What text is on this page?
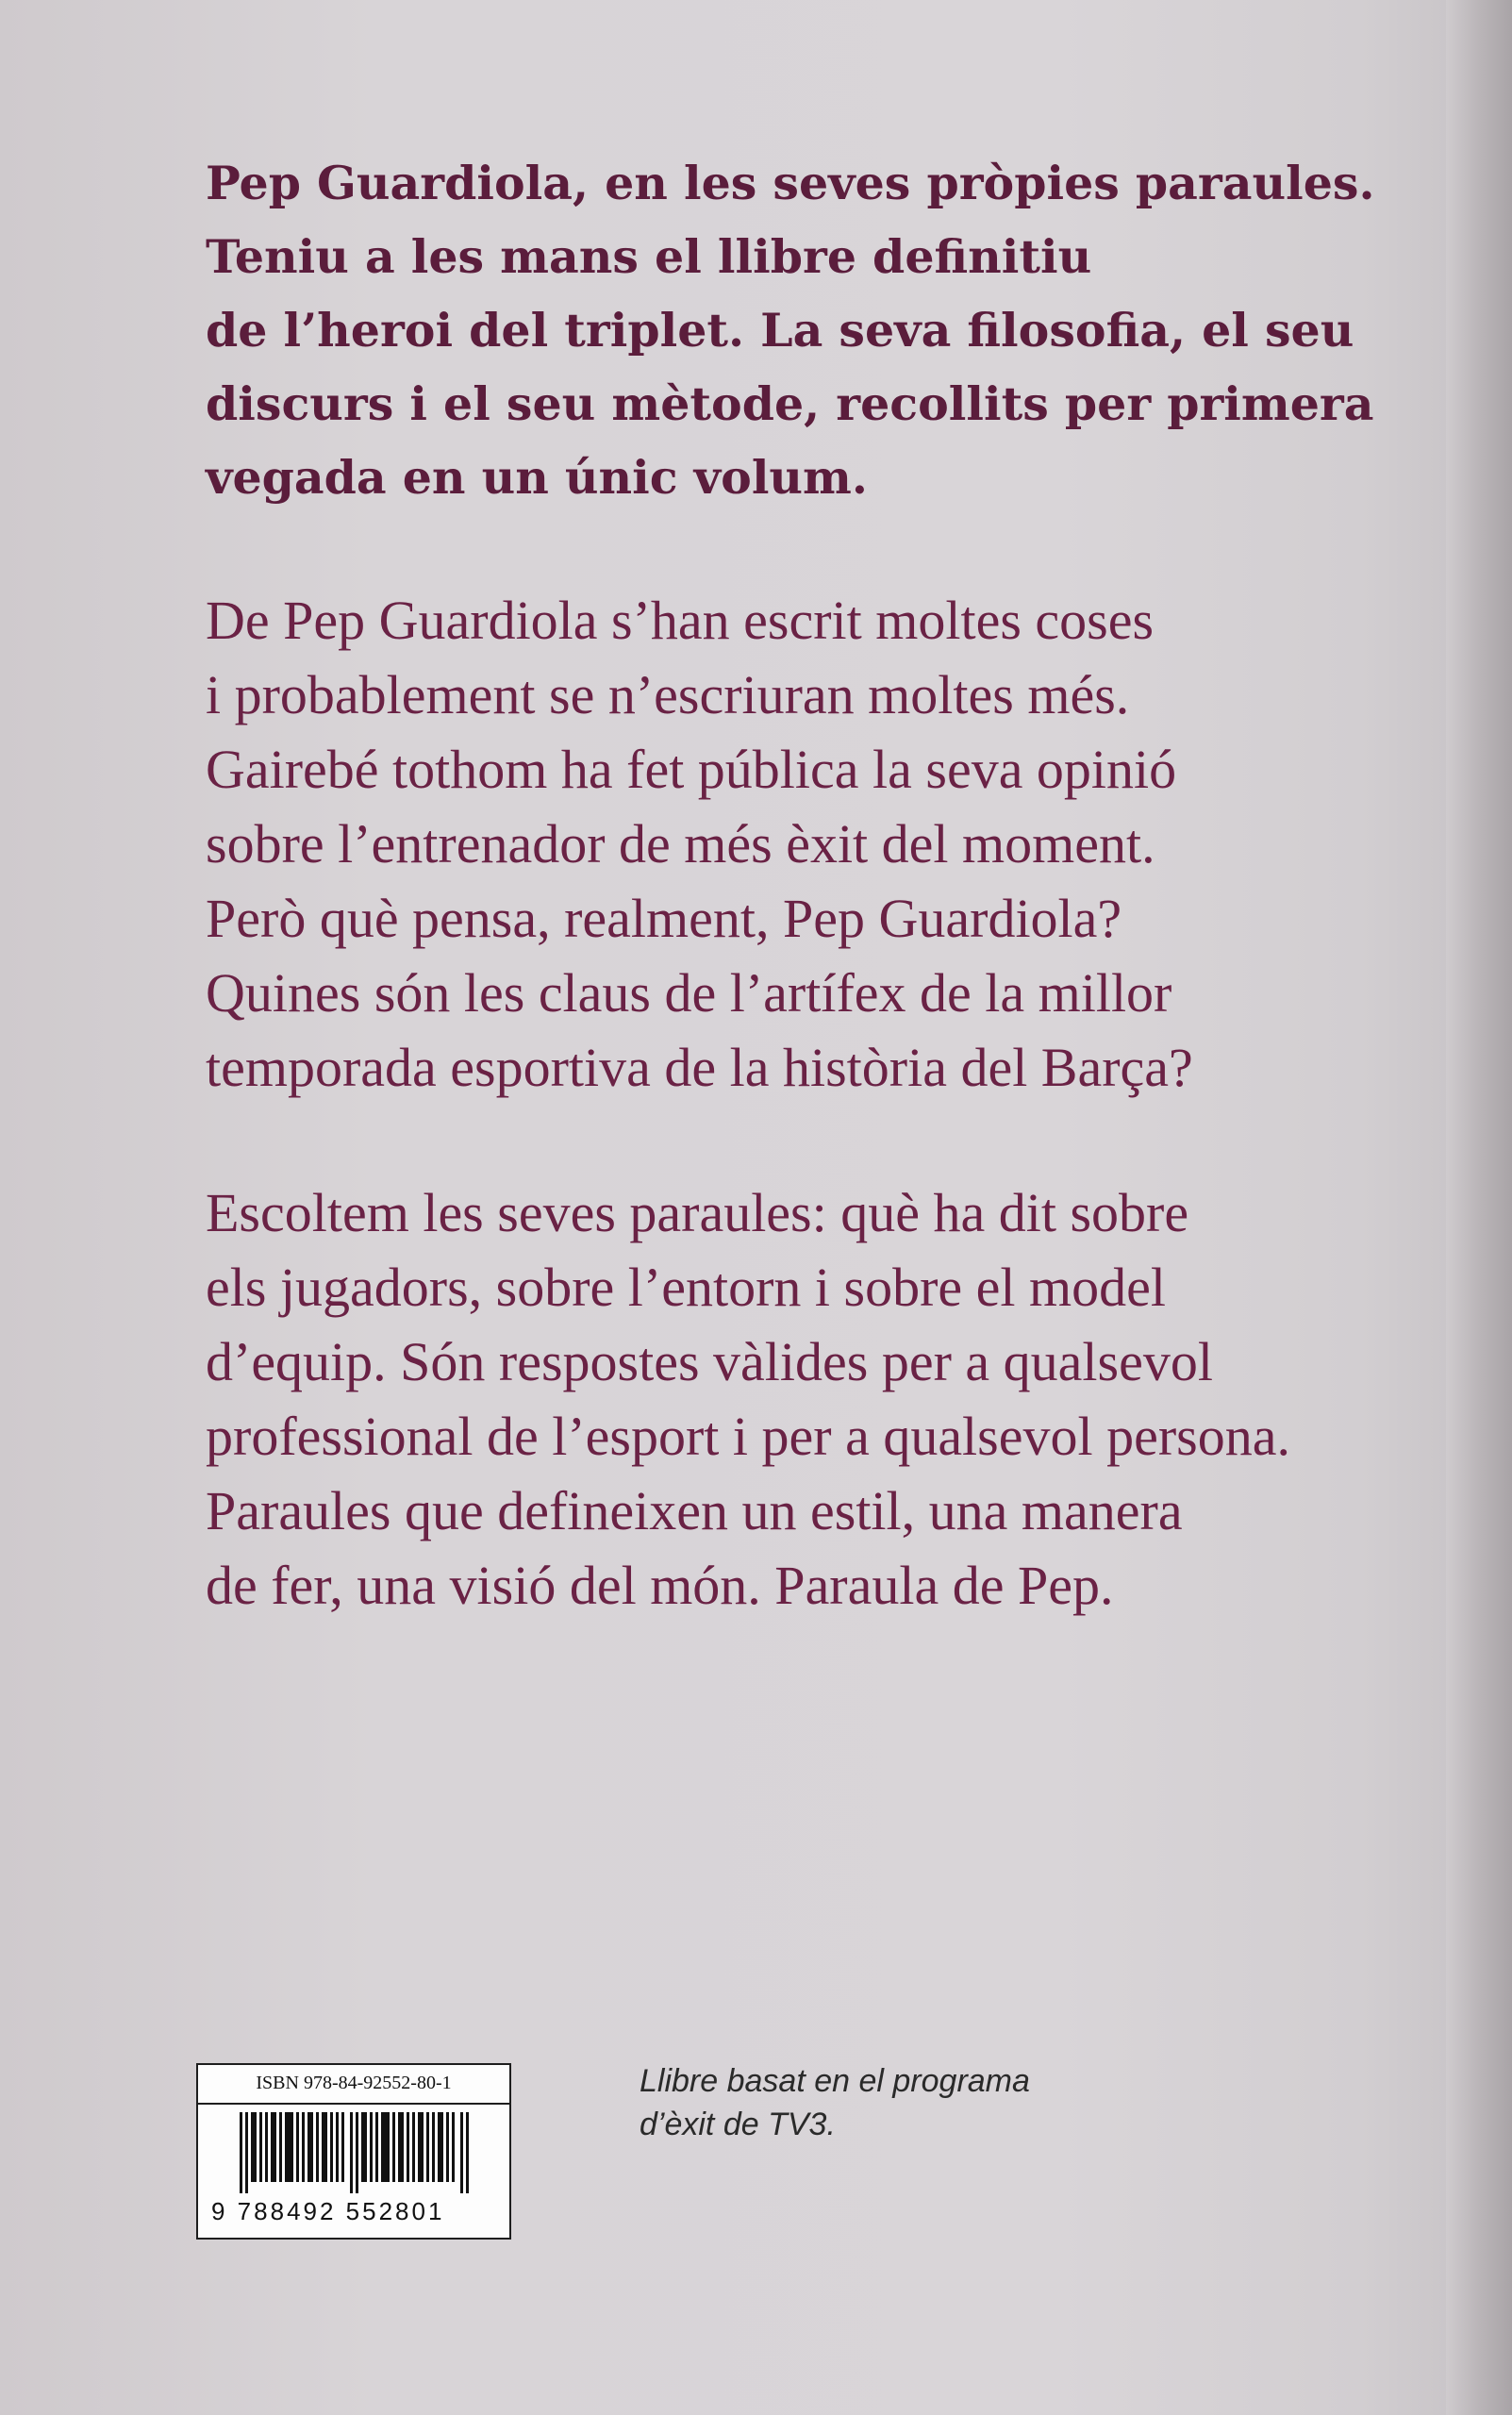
Pep Guardiola, en les seves pròpies paraules.
Teniu a les mans el llibre definitiu
de l’heroi del triplet. La seva filosofia, el seu
discurs i el seu mètode, recollits per primera
vegada en un únic volum.

De Pep Guardiola s’han escrit moltes coses
i probablement se n’escriuran moltes més.
Gairebé tothom ha fet pública la seva opinió
sobre l’entrenador de més èxit del moment.
Però què pensa, realment, Pep Guardiola?
Quines són les claus de l’artífex de la millor
temporada esportiva de la història del Barça?

Escoltem les seves paraules: què ha dit sobre
els jugadors, sobre l’entorn i sobre el model
d’equip. Són respostes vàlides per a qualsevol
professional de l’esport i per a qualsevol persona.
Paraules que defineixen un estil, una manera
de fer, una visió del món. Paraula de Pep.

ISBN 978-84-92552-80-1
9 788492 552801

Llibre basat en el programa
d’èxit de TV3.
